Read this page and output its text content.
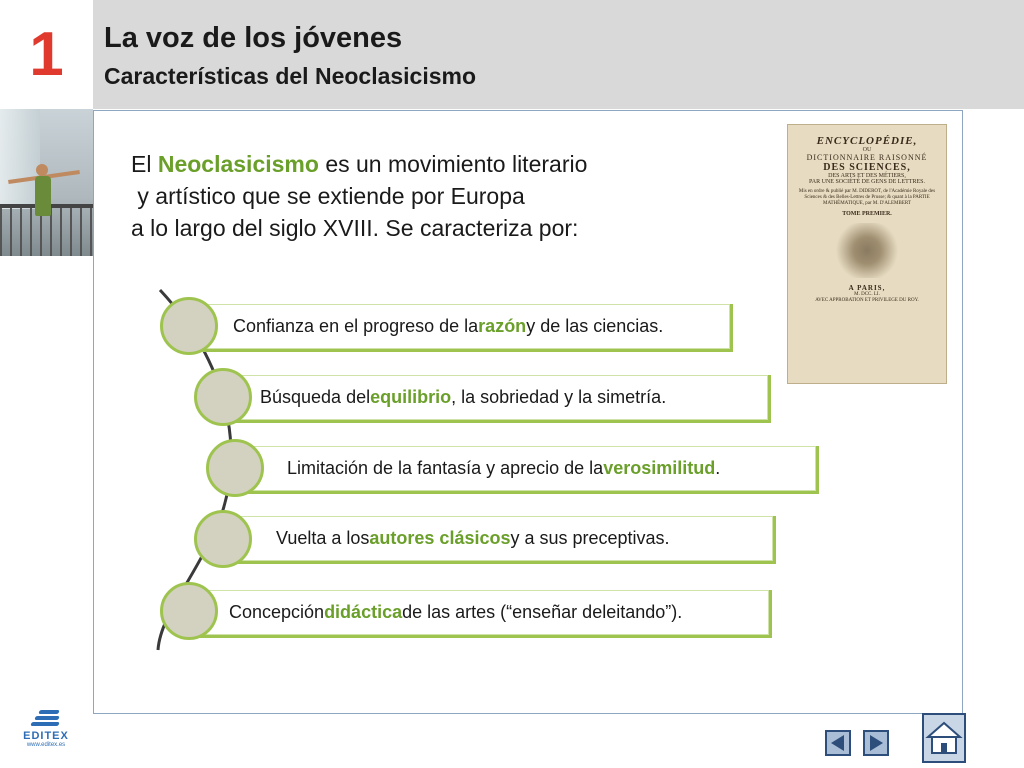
1	La voz de los jóvenes
Características del Neoclasicismo
El Neoclasicismo es un movimiento literario
y artístico que se extiende por Europa
a lo largo del siglo XVIII. Se caracteriza por:
ENCYCLOPÉDIE,
OU
DICTIONNAIRE RAISONNÉ
DES SCIENCES,
DES ARTS ET DES MÉTIERS,
PAR UNE SOCIÉTÉ DE GENS DE LETTRES.
Mis en ordre & publié par M. DIDEROT, de l'Académie Royale des Sciences & des Belles-Lettres de Prusse; & quant à la PARTIE MATHÉMATIQUE, par M. D'ALEMBERT
TOME PREMIER.
A PARIS,
M. DCC. LI.
AVEC APPROBATION ET PRIVILEGE DU ROY.
Confianza en el progreso de la razón y de las ciencias.
Búsqueda del equilibrio , la sobriedad y la simetría.
Limitación de la fantasía y aprecio de la verosimilitud .
Vuelta a los autores clásicos y a sus preceptivas.
Concepción didáctica de las artes (“enseñar deleitando”).
EDITEX
www.editex.es
